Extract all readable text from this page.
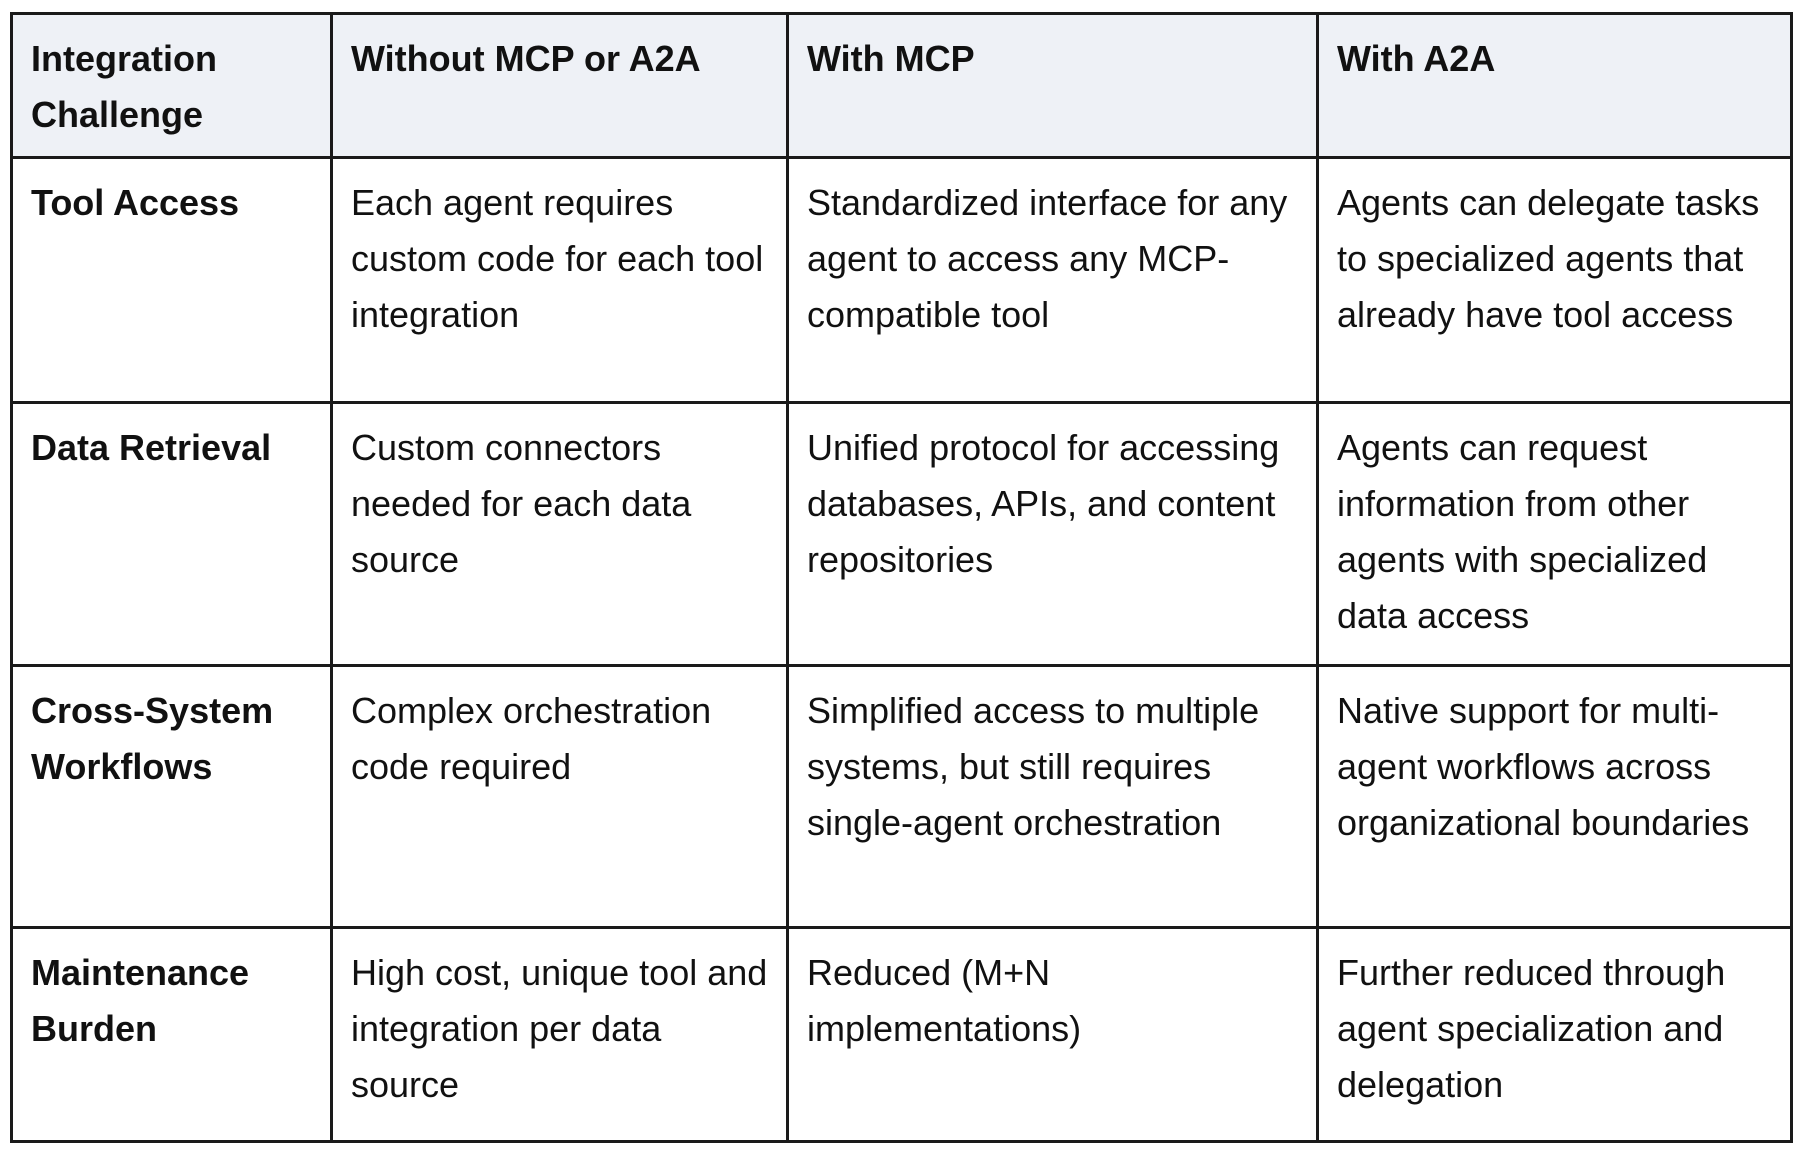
Integration Challenge	Without MCP or A2A	With MCP	With A2A
Tool Access	Each agent requires custom code for each tool integration	Standardized interface for any agent to access any MCP-compatible tool	Agents can delegate tasks to specialized agents that already have tool access
Data Retrieval	Custom connectors needed for each data source	Unified protocol for accessing databases, APIs, and content repositories	Agents can request information from other agents with specialized data access
Cross-System Workflows	Complex orchestration code required	Simplified access to multiple systems, but still requires single-agent orchestration	Native support for multi-agent workflows across organizational boundaries
Maintenance Burden	High cost, unique tool and integration per data source	Reduced (M+N implementations)	Further reduced through agent specialization and delegation
